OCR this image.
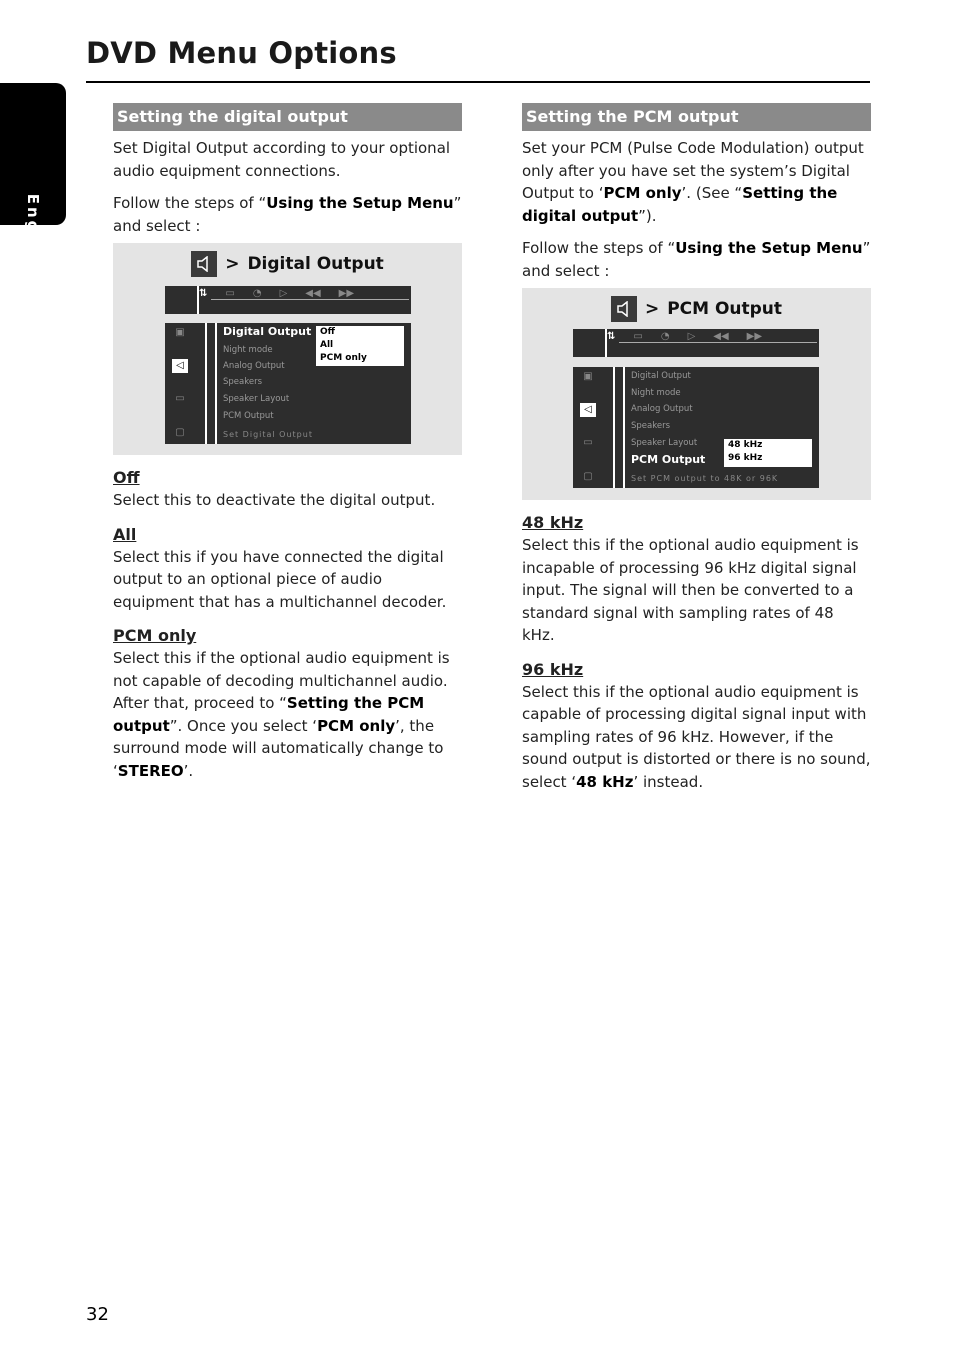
DVD Menu Options
English
Setting the digital output

Set Digital Output according to your optional audio equipment connections.

Follow the steps of “Using the Setup Menu” and select :

> Digital Output
⇅ ▭ ◔ ▷ ◀◀ ▶▶
▣
◁
▭
▢
Digital Output
Night mode
Analog Output
Speakers
Speaker Layout
PCM Output
Set Digital Output
Off
All
PCM only

Off

Select this to deactivate the digital output.

All

Select this if you have connected the digital output to an optional piece of audio equipment that has a multichannel decoder.

PCM only

Select this if the optional audio equipment is not capable of decoding multichannel audio. After that, proceed to “Setting the PCM output”. Once you select ‘PCM only’, the surround mode will automatically change to ‘STEREO’.

Setting the PCM output

Set your PCM (Pulse Code Modulation) output only after you have set the system’s Digital Output to ‘PCM only’. (See “Setting the digital output”).

Follow the steps of “Using the Setup Menu” and select :

> PCM Output
⇅ ▭ ◔ ▷ ◀◀ ▶▶
▣
◁
▭
▢
Digital Output
Night mode
Analog Output
Speakers
Speaker Layout
PCM Output
Set PCM output to 48K or 96K
48 kHz
96 kHz

48 kHz

Select this if the optional audio equipment is incapable of processing 96 kHz digital signal input. The signal will then be converted to a standard signal with sampling rates of 48 kHz.

96 kHz

Select this if the optional audio equipment is capable of processing digital signal input with sampling rates of 96 kHz. However, if the sound output is distorted or there is no sound, select ‘48 kHz’ instead.

32
